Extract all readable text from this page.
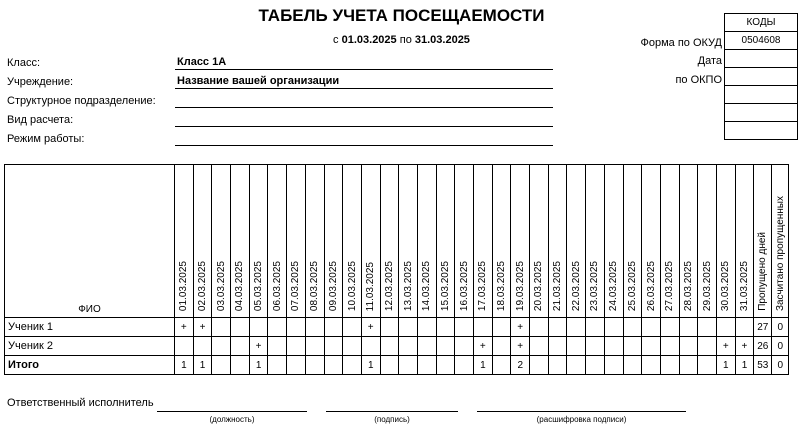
ТАБЕЛЬ УЧЕТА ПОСЕЩАЕМОСТИ
с 01.03.2025 по 31.03.2025
Класс:	Класс 1А
Учреждение:	Название вашей организации
Структурное подразделение:
Вид расчета:
Режим работы:
Форма по ОКУД
Дата
по ОКПО
КОДЫ
0504608

ФИО	01.03.2025	02.03.2025	03.03.2025	04.03.2025	05.03.2025	06.03.2025	07.03.2025	08.03.2025	09.03.2025	10.03.2025	11.03.2025	12.03.2025	13.03.2025	14.03.2025	15.03.2025	16.03.2025	17.03.2025	18.03.2025	19.03.2025	20.03.2025	21.03.2025	22.03.2025	23.03.2025	24.03.2025	25.03.2025	26.03.2025	27.03.2025	28.03.2025	29.03.2025	30.03.2025	31.03.2025	Пропущено дней	Засчитано пропущенных
Ученик 1	+	+									+								+													27	0
Ученик 2					+												+		+											+	+	26	0
Итого	1	1			1						1						1		2											1	1	53	0
Ответственный исполнитель
(должность)	(подпись)	(расшифровка подписи)
